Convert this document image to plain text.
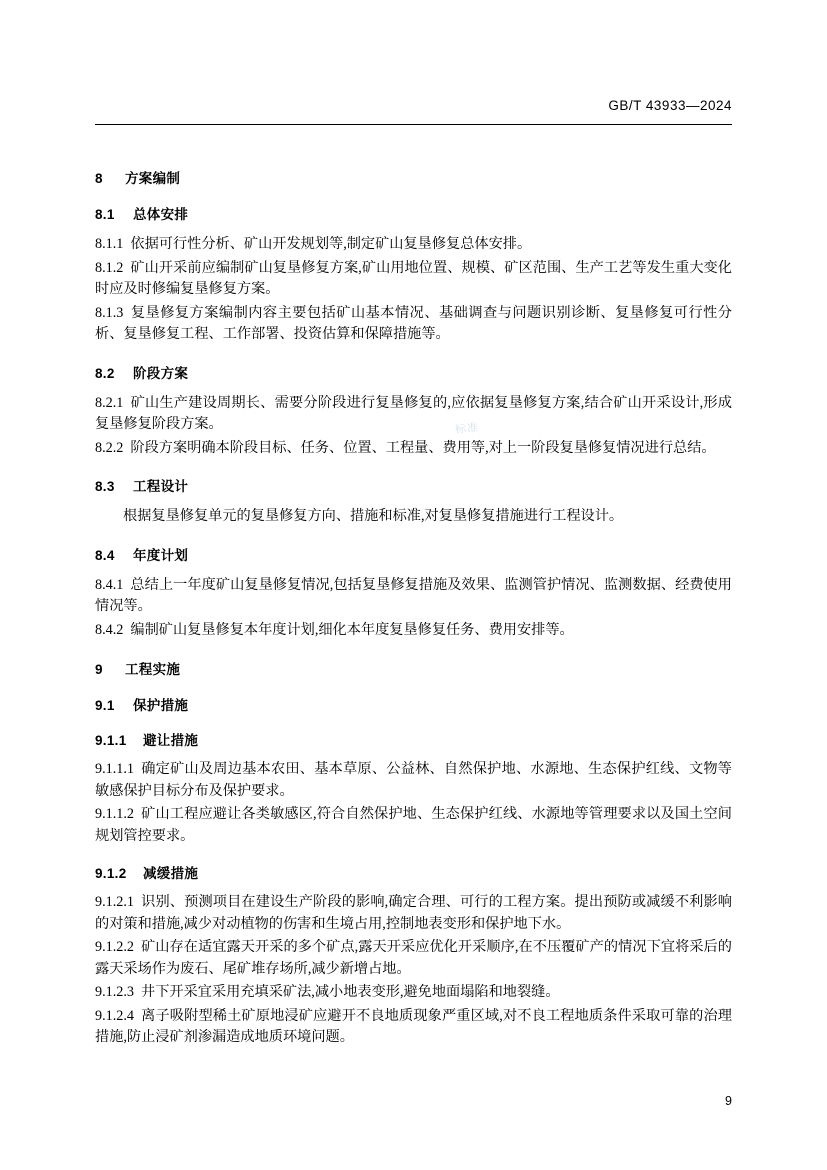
GB/T 43933—2024
标准
8 方案编制
8.1 总体安排

8.1.1 依据可行性分析、矿山开发规划等,制定矿山复垦修复总体安排。

8.1.2 矿山开采前应编制矿山复垦修复方案,矿山用地位置、规模、矿区范围、生产工艺等发生重大变化时应及时修编复垦修复方案。

8.1.3 复垦修复方案编制内容主要包括矿山基本情况、基础调查与问题识别诊断、复垦修复可行性分析、复垦修复工程、工作部署、投资估算和保障措施等。

8.2 阶段方案

8.2.1 矿山生产建设周期长、需要分阶段进行复垦修复的,应依据复垦修复方案,结合矿山开采设计,形成复垦修复阶段方案。

8.2.2 阶段方案明确本阶段目标、任务、位置、工程量、费用等,对上一阶段复垦修复情况进行总结。

8.3 工程设计

根据复垦修复单元的复垦修复方向、措施和标准,对复垦修复措施进行工程设计。

8.4 年度计划

8.4.1 总结上一年度矿山复垦修复情况,包括复垦修复措施及效果、监测管护情况、监测数据、经费使用情况等。

8.4.2 编制矿山复垦修复本年度计划,细化本年度复垦修复任务、费用安排等。

9 工程实施
9.1 保护措施
9.1.1 避让措施

9.1.1.1 确定矿山及周边基本农田、基本草原、公益林、自然保护地、水源地、生态保护红线、文物等敏感保护目标分布及保护要求。

9.1.1.2 矿山工程应避让各类敏感区,符合自然保护地、生态保护红线、水源地等管理要求以及国土空间规划管控要求。

9.1.2 减缓措施

9.1.2.1 识别、预测项目在建设生产阶段的影响,确定合理、可行的工程方案。提出预防或减缓不利影响的对策和措施,减少对动植物的伤害和生境占用,控制地表变形和保护地下水。

9.1.2.2 矿山存在适宜露天开采的多个矿点,露天开采应优化开采顺序,在不压覆矿产的情况下宜将采后的露天采场作为废石、尾矿堆存场所,减少新增占地。

9.1.2.3 井下开采宜采用充填采矿法,减小地表变形,避免地面塌陷和地裂缝。

9.1.2.4 离子吸附型稀土矿原地浸矿应避开不良地质现象严重区域,对不良工程地质条件采取可靠的治理措施,防止浸矿剂渗漏造成地质环境问题。

9
